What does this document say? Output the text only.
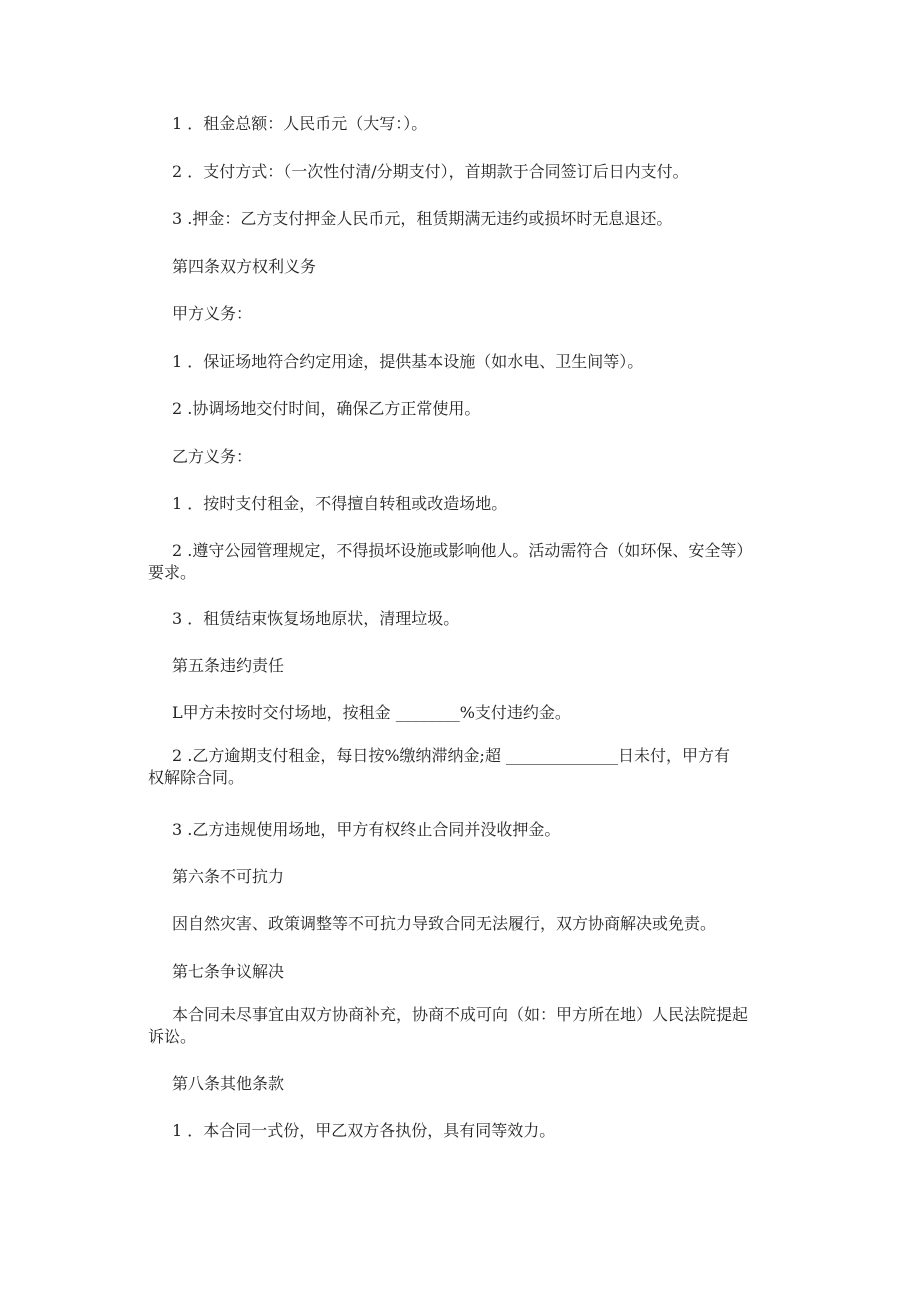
1 ．租金总额：人民币元（大写：）。
2 ．支付方式：（一次性付清/分期支付），首期款于合同签订后日内支付。
3 .押金：乙方支付押金人民币元，租赁期满无违约或损坏时无息退还。
第四条双方权利义务
甲方义务：
1 ．保证场地符合约定用途，提供基本设施（如水电、卫生间等）。
2 .协调场地交付时间，确保乙方正常使用。
乙方义务：
1 ．按时支付租金，不得擅自转租或改造场地。
2 .遵守公园管理规定，不得损坏设施或影响他人。活动需符合（如环保、安全等）
要求。
3 ．租赁结束恢复场地原状，清理垃圾。
第五条违约责任
L甲方未按时交付场地，按租金 ________%支付违约金。
2 .乙方逾期支付租金，每日按%缴纳滞纳金;超 ______________日未付，甲方有
权解除合同。
3 .乙方违规使用场地，甲方有权终止合同并没收押金。
第六条不可抗力
因自然灾害、政策调整等不可抗力导致合同无法履行，双方协商解决或免责。
第七条争议解决
本合同未尽事宜由双方协商补充，协商不成可向（如：甲方所在地）人民法院提起
诉讼。
第八条其他条款
1 ．本合同一式份，甲乙双方各执份，具有同等效力。
